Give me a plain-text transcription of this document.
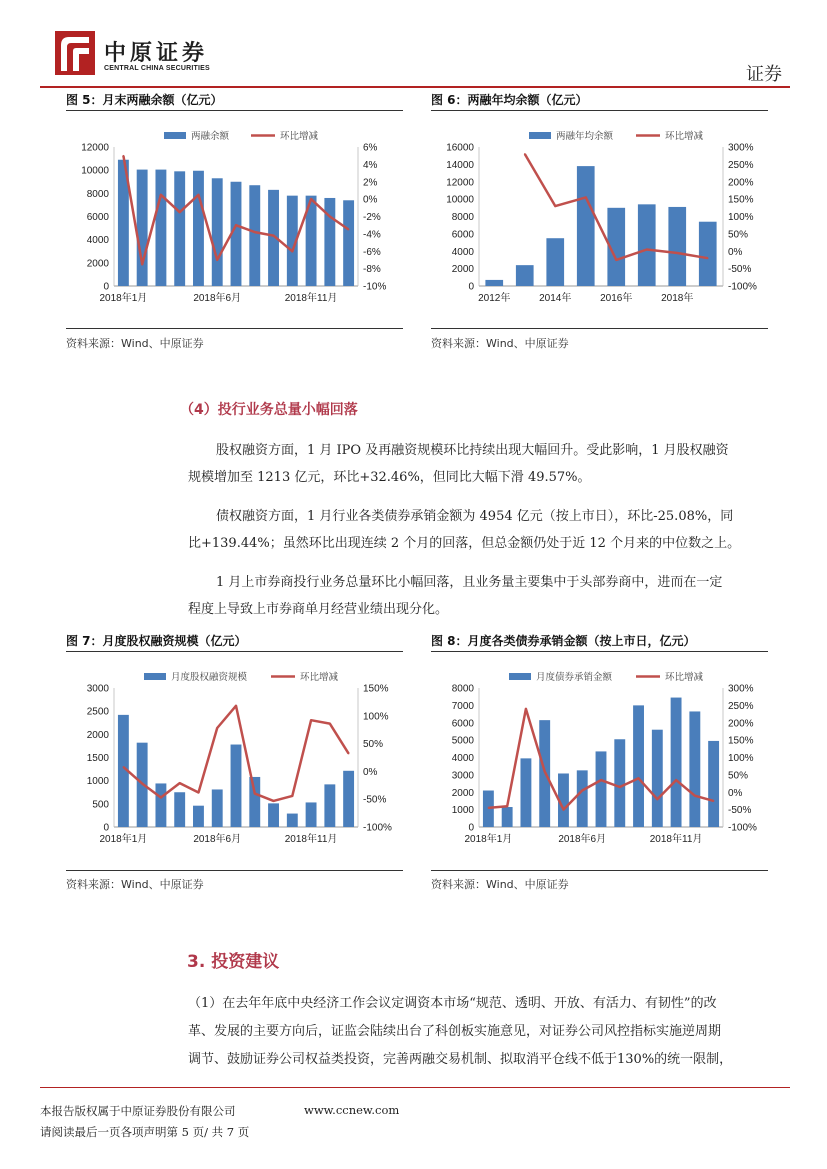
中原证券
CENTRAL CHINA SECURITIES	证券
图 5：月末两融余额（亿元）	图 6：两融年均余额（亿元）
两融余额	环比增减
0
2000
4000
6000
8000
10000
12000
-10%
-8%
-6%
-4%
-2%
0%
2%
4%
6%
2018年1月	2018年6月	2018年11月
两融年均余额	环比增减
0
2000
4000
6000
8000
10000
12000
14000
16000
-100%
-50%
0%
50%
100%
150%
200%
250%
300%
2012年	2014年	2016年	2018年
资料来源：Wind、中原证券	资料来源：Wind、中原证券
（4）投行业务总量小幅回落
股权融资方面，1 月 IPO 及再融资规模环比持续出现大幅回升。受此影响，1 月股权融资
规模增加至 1213 亿元，环比+32.46%，但同比大幅下滑 49.57%。
债权融资方面，1 月行业各类债券承销金额为 4954 亿元（按上市日），环比-25.08%，同
比+139.44%；虽然环比出现连续 2 个月的回落，但总金额仍处于近 12 个月来的中位数之上。
1 月上市券商投行业务总量环比小幅回落，且业务量主要集中于头部券商中，进而在一定
程度上导致上市券商单月经营业绩出现分化。
图 7：月度股权融资规模（亿元）	图 8：月度各类债券承销金额（按上市日，亿元）
月度股权融资规模	环比增减
0
500
1000
1500
2000
2500
3000
-100%
-50%
0%
50%
100%
150%
2018年1月	2018年6月	2018年11月
月度债券承销金额	环比增减
0
1000
2000
3000
4000
5000
6000
7000
8000
-100%
-50%
0%
50%
100%
150%
200%
250%
300%
2018年1月	2018年6月	2018年11月
资料来源：Wind、中原证券	资料来源：Wind、中原证券
3. 投资建议
（1）在去年年底中央经济工作会议定调资本市场“规范、透明、开放、有活力、有韧性”的改
革、发展的主要方向后，证监会陆续出台了科创板实施意见，对证券公司风控指标实施逆周期
调节、鼓励证券公司权益类投资，完善两融交易机制、拟取消平仓线不低于130%的统一限制，
本报告版权属于中原证券股份有限公司	www.ccnew.com
请阅读最后一页各项声明第 5 页/ 共 7 页
